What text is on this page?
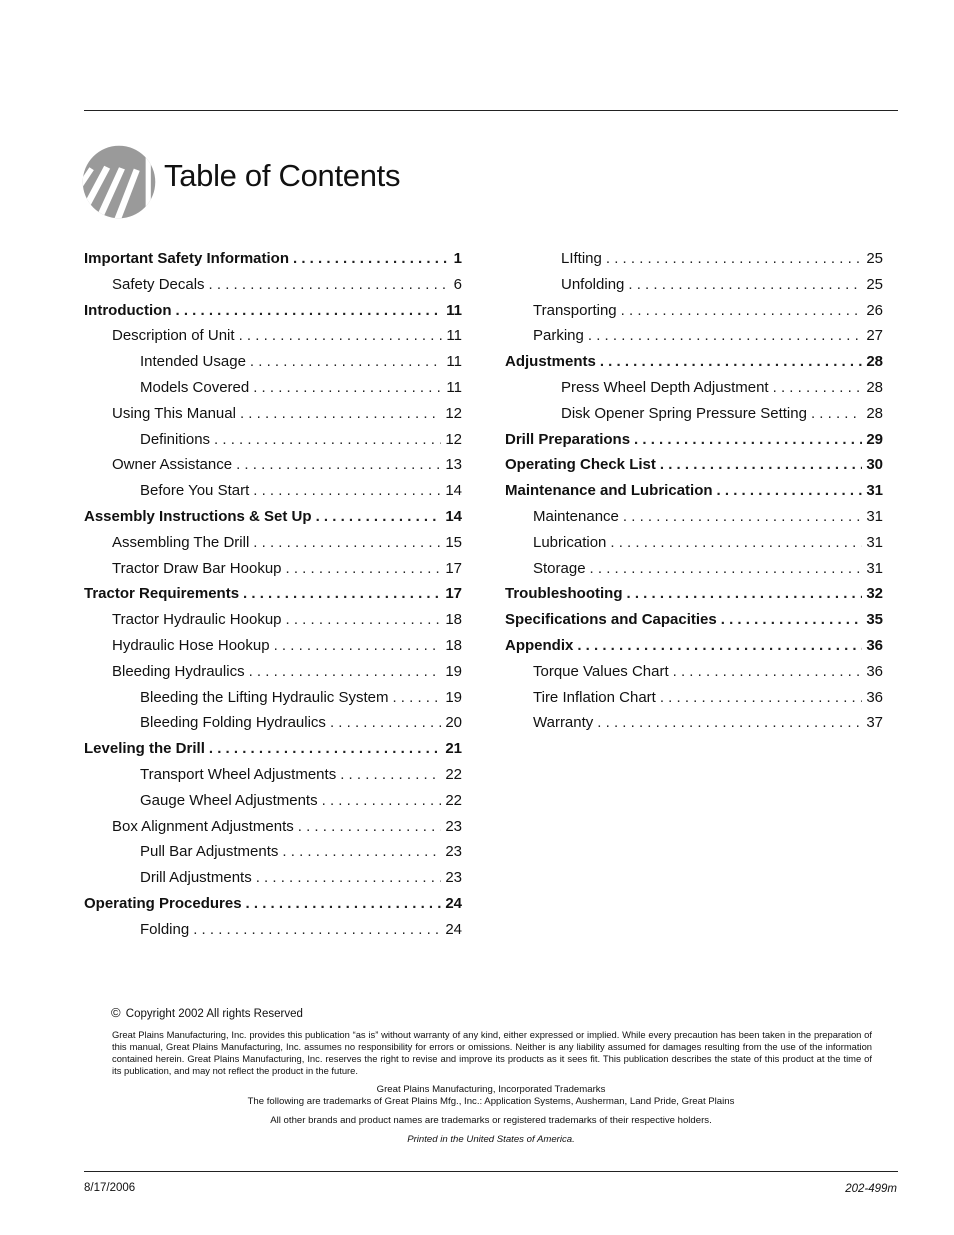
Table of Contents
Important Safety Information . . .	1
Safety Decals . . .	6
Introduction . . .	11
Description of Unit . . .	11
Intended Usage . . .	11
Models Covered . . .	11
Using This Manual . . .	12
Definitions . . .	12
Owner Assistance . . .	13
Before You Start . . .	14
Assembly Instructions & Set Up . . .	14
Assembling The Drill . . .	15
Tractor Draw Bar Hookup . . .	17
Tractor Requirements . . .	17
Tractor Hydraulic Hookup . . .	18
Hydraulic Hose Hookup . . .	18
Bleeding Hydraulics . . .	19
Bleeding the Lifting Hydraulic System . . .	19
Bleeding Folding Hydraulics . . .	20
Leveling the Drill . . .	21
Transport Wheel Adjustments . . .	22
Gauge Wheel Adjustments . . .	22
Box Alignment Adjustments . . .	23
Pull Bar Adjustments . . .	23
Drill Adjustments . . .	23
Operating Procedures . . .	24
Folding . . .	24
LIfting . . .	25
Unfolding . . .	25
Transporting . . .	26
Parking . . .	27
Adjustments . . .	28
Press Wheel Depth Adjustment . . .	28
Disk Opener Spring Pressure Setting . . .	28
Drill Preparations . . .	29
Operating Check List . . .	30
Maintenance and Lubrication . . .	31
Maintenance . . .	31
Lubrication . . .	31
Storage . . .	31
Troubleshooting . . .	32
Specifications and Capacities . . .	35
Appendix . . .	36
Torque Values Chart . . .	36
Tire Inflation Chart . . .	36
Warranty . . .	37
© Copyright 2002 All rights Reserved
Great Plains Manufacturing, Inc. provides this publication “as is” without warranty of any kind, either expressed or implied. While every precaution has been taken in the preparation of this manual, Great Plains Manufacturing, Inc. assumes no responsibility for errors or omissions. Neither is any liability assumed for damages resulting from the use of the information contained herein. Great Plains Manufacturing, Inc. reserves the right to revise and improve its products as it sees fit. This publication describes the state of this product at the time of its publication, and may not reflect the product in the future.
Great Plains Manufacturing, Incorporated Trademarks
The following are trademarks of Great Plains Mfg., Inc.: Application Systems, Ausherman, Land Pride, Great Plains
All other brands and product names are trademarks or registered trademarks of their respective holders.
Printed in the United States of America.
8/17/2006	202-499m
